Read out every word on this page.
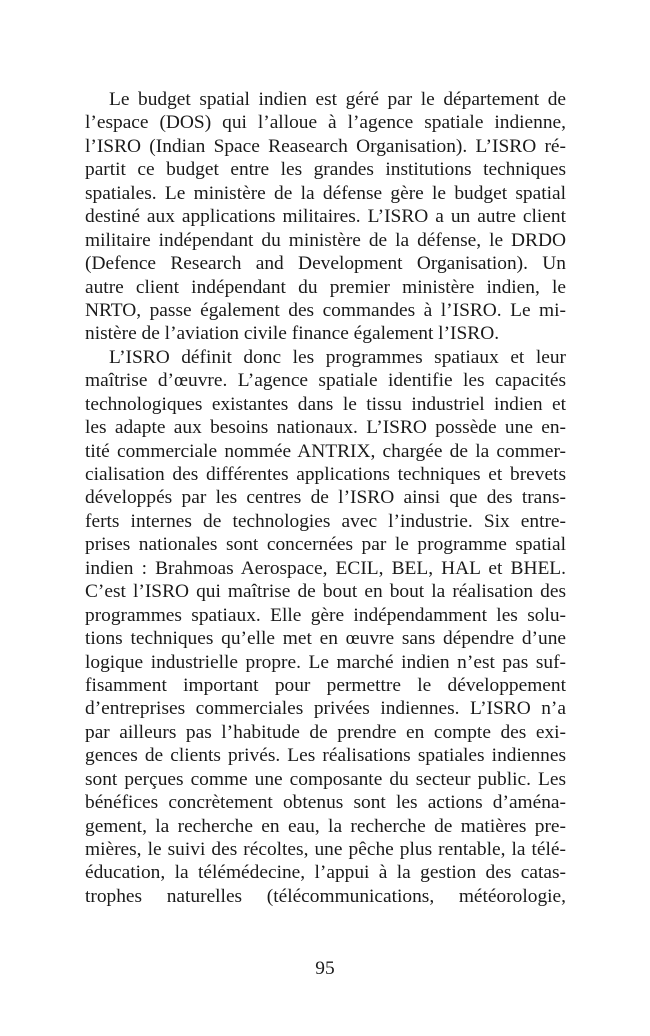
Le budget spatial indien est géré par le département de
l’espace (DOS) qui l’alloue à l’agence spatiale indienne,
l’ISRO (Indian Space Reasearch Organisation). L’ISRO ré-
partit ce budget entre les grandes institutions techniques
spatiales. Le ministère de la défense gère le budget spatial
destiné aux applications militaires. L’ISRO a un autre client
militaire indépendant du ministère de la défense, le DRDO
(Defence Research and Development Organisation). Un
autre client indépendant du premier ministère indien, le
NRTO, passe également des commandes à l’ISRO. Le mi-
nistère de l’aviation civile finance également l’ISRO.
L’ISRO définit donc les programmes spatiaux et leur
maîtrise d’œuvre. L’agence spatiale identifie les capacités
technologiques existantes dans le tissu industriel indien et
les adapte aux besoins nationaux. L’ISRO possède une en-
tité commerciale nommée ANTRIX, chargée de la commer-
cialisation des différentes applications techniques et brevets
développés par les centres de l’ISRO ainsi que des trans-
ferts internes de technologies avec l’industrie. Six entre-
prises nationales sont concernées par le programme spatial
indien : Brahmoas Aerospace, ECIL, BEL, HAL et BHEL.
C’est l’ISRO qui maîtrise de bout en bout la réalisation des
programmes spatiaux. Elle gère indépendamment les solu-
tions techniques qu’elle met en œuvre sans dépendre d’une
logique industrielle propre. Le marché indien n’est pas suf-
fisamment important pour permettre le développement
d’entreprises commerciales privées indiennes. L’ISRO n’a
par ailleurs pas l’habitude de prendre en compte des exi-
gences de clients privés. Les réalisations spatiales indiennes
sont perçues comme une composante du secteur public. Les
bénéfices concrètement obtenus sont les actions d’aména-
gement, la recherche en eau, la recherche de matières pre-
mières, le suivi des récoltes, une pêche plus rentable, la télé-
éducation, la télémédecine, l’appui à la gestion des catas-
trophes naturelles (télécommunications, météorologie,
95
